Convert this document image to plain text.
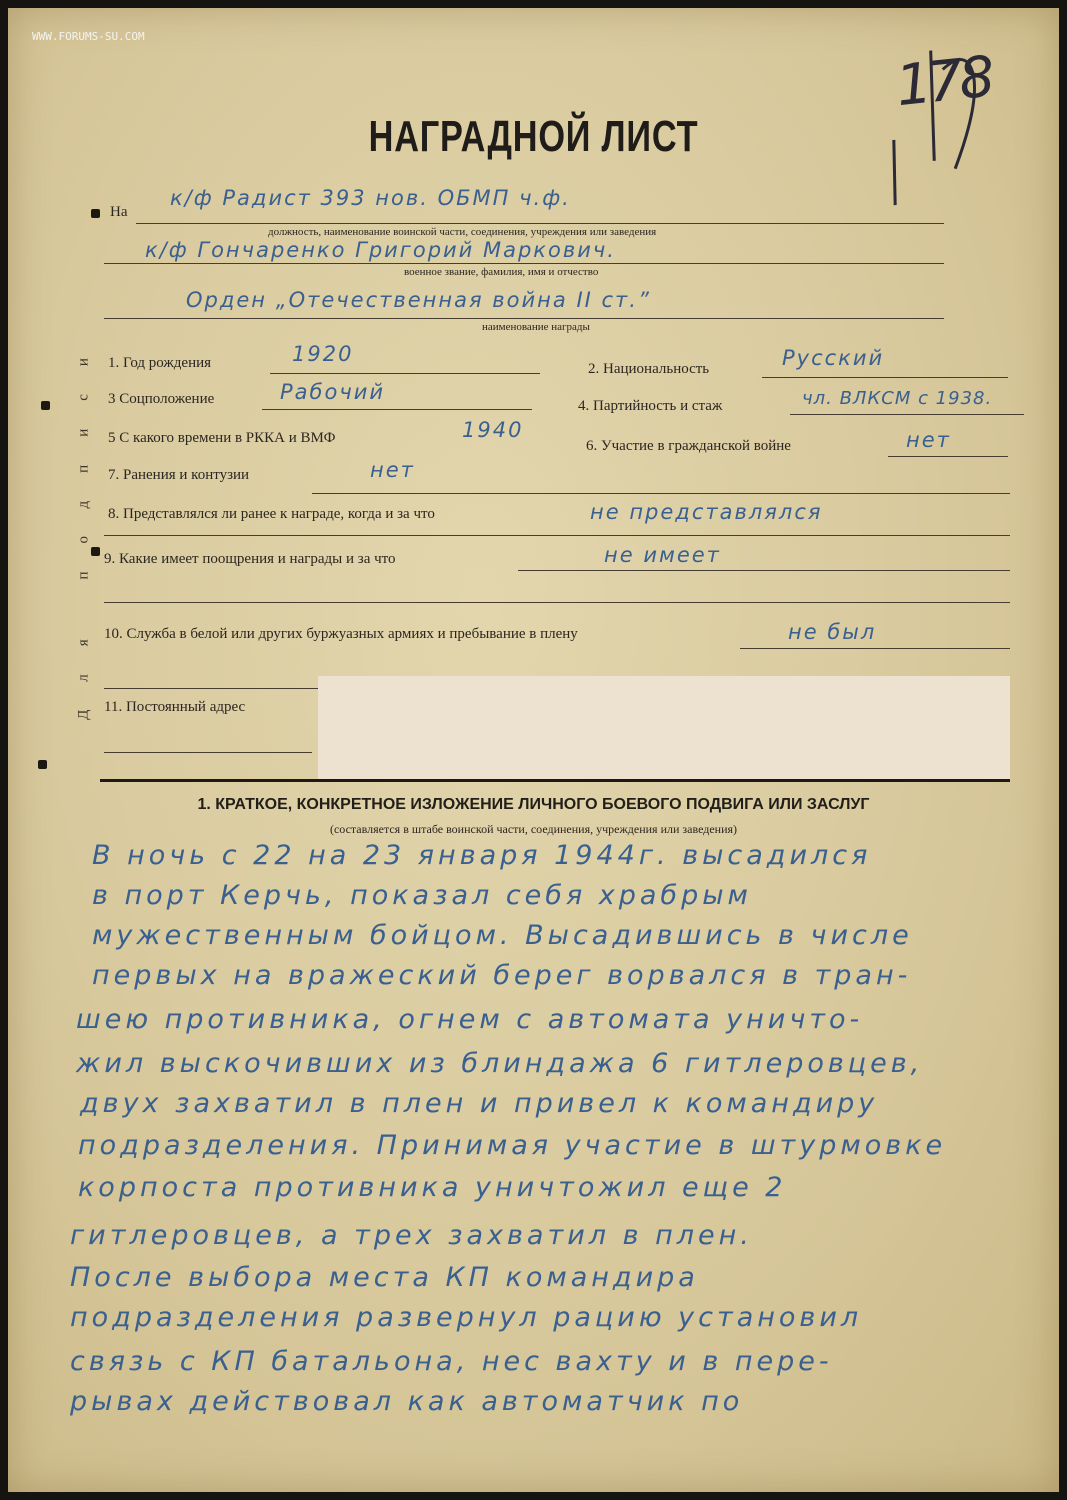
WWW.FORUMS-SU.COM
178
НАГРАДНОЙ ЛИСТ
Для подписи
На
к/ф Радист 393 нов. ОБМП ч.ф.
должность, наименование воинской части, соединения, учреждения или заведения
к/ф Гончаренко Григорий Маркович.
военное звание, фамилия, имя и отчество
Орден „Отечественная война II ст.”
наименование награды
1. Год рождения	1920
2. Национальность	Русский
3 Соцположение	Рабочий
4. Партийность и стаж	чл. ВЛКСМ с 1938.
5 С какого времени в РККА и ВМФ	1940
6. Участие в гражданской войне	нет
7. Ранения и контузии	нет
8. Представлялся ли ранее к награде, когда и за что	не представлялся
9. Какие имеет поощрения и награды и за что	не имеет
10. Служба в белой или других буржуазных армиях и пребывание в плену	не был
11. Постоянный адрес
1. КРАТКОЕ, КОНКРЕТНОЕ ИЗЛОЖЕНИЕ ЛИЧНОГО БОЕВОГО ПОДВИГА ИЛИ ЗАСЛУГ
(составляется в штабе воинской части, соединения, учреждения или заведения)
В ночь с 22 на 23 января 1944г. высадился
в порт Керчь, показал себя храбрым
мужественным бойцом. Высадившись в числе
первых на вражеский берег ворвался в тран-
шею противника, огнем с автомата уничто-
жил выскочивших из блиндажа 6 гитлеровцев,
двух захватил в плен и привел к командиру
подразделения. Принимая участие в штурмовке
корпоста противника уничтожил еще 2
гитлеровцев, а трех захватил в плен.
После выбора места КП командира
подразделения развернул рацию установил
связь с КП батальона, нес вахту и в пере-
рывах действовал как автоматчик по
